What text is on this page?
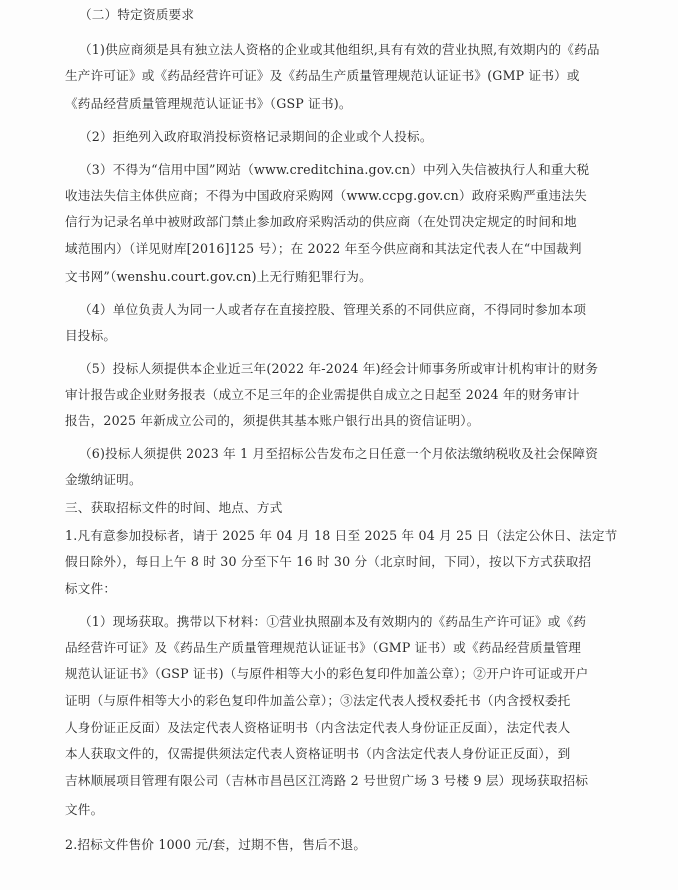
（二）特定资质要求
（1)供应商须是具有独立法人资格的企业或其他组织,具有有效的营业执照,有效期内的《药品
生产许可证》或《药品经营许可证》及《药品生产质量管理规范认证证书》(GMP 证书）或
《药品经营质量管理规范认证证书》（GSP 证书)。
（2）拒绝列入政府取消投标资格记录期间的企业或个人投标。
（3）不得为“信用中国”网站（www.creditchina.gov.cn）中列入失信被执行人和重大税
收违法失信主体供应商；不得为中国政府采购网（www.ccpg.gov.cn）政府采购严重违法失
信行为记录名单中被财政部门禁止参加政府采购活动的供应商（在处罚决定规定的时间和地
域范围内）（详见财库[2016]125 号）；在 2022 年至今供应商和其法定代表人在“中国裁判
文书网”（wenshu.court.gov.cn)上无行贿犯罪行为。
（4）单位负责人为同一人或者存在直接控股、管理关系的不同供应商，不得同时参加本项
目投标。
（5）投标人须提供本企业近三年(2022 年-2024 年)经会计师事务所或审计机构审计的财务
审计报告或企业财务报表（成立不足三年的企业需提供自成立之日起至 2024 年的财务审计
报告，2025 年新成立公司的，须提供其基本账户银行出具的资信证明）。
（6)投标人须提供 2023 年 1 月至招标公告发布之日任意一个月依法缴纳税收及社会保障资
金缴纳证明。
三、获取招标文件的时间、地点、方式
1.凡有意参加投标者，请于 2025 年 04 月 18 日至 2025 年 04 月 25 日（法定公休日、法定节
假日除外），每日上午 8 时 30 分至下午 16 时 30 分（北京时间，下同），按以下方式获取招
标文件：
（1）现场获取。携带以下材料：①营业执照副本及有效期内的《药品生产许可证》或《药
品经营许可证》及《药品生产质量管理规范认证证书》（GMP 证书）或《药品经营质量管理
规范认证证书》（GSP 证书)（与原件相等大小的彩色复印件加盖公章）；②开户许可证或开户
证明（与原件相等大小的彩色复印件加盖公章）；③法定代表人授权委托书（内含授权委托
人身份证正反面）及法定代表人资格证明书（内含法定代表人身份证正反面），法定代表人
本人获取文件的，仅需提供须法定代表人资格证明书（内含法定代表人身份证正反面），到
吉林顺展项目管理有限公司（吉林市昌邑区江湾路 2 号世贸广场 3 号楼 9 层）现场获取招标
文件。
2.招标文件售价 1000 元/套，过期不售，售后不退。
